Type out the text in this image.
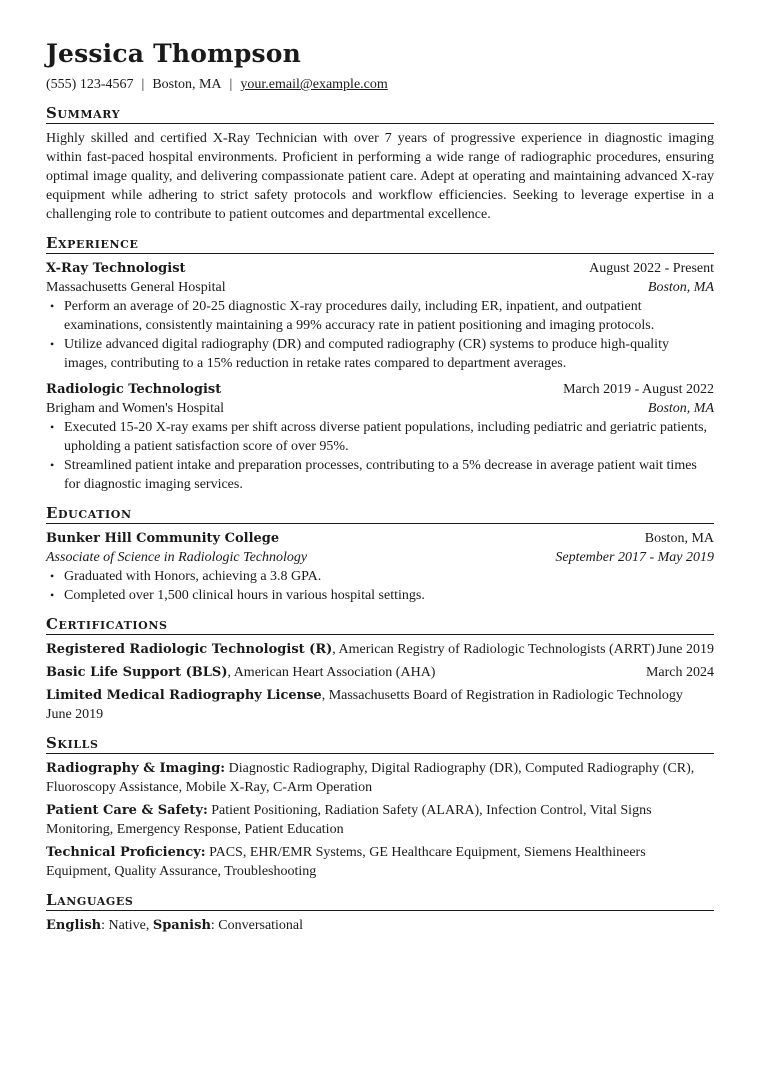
Jessica Thompson
(555) 123-4567 | Boston, MA | your.email@example.com
Summary
Highly skilled and certified X-Ray Technician with over 7 years of progressive experience in diagnostic imaging within fast-paced hospital environments. Proficient in performing a wide range of radiographic procedures, ensuring optimal image quality, and delivering compassionate patient care. Adept at operating and maintaining advanced X-ray equipment while adhering to strict safety protocols and workflow efficiencies. Seeking to leverage expertise in a challenging role to contribute to patient outcomes and departmental excellence.
Experience
X-Ray Technologist	August 2022 - Present
Massachusetts General Hospital	Boston, MA
• Perform an average of 20-25 diagnostic X-ray procedures daily, including ER, inpatient, and outpatient examinations, consistently maintaining a 99% accuracy rate in patient positioning and imaging protocols.
• Utilize advanced digital radiography (DR) and computed radiography (CR) systems to produce high-quality images, contributing to a 15% reduction in retake rates compared to department averages.
Radiologic Technologist	March 2019 - August 2022
Brigham and Women's Hospital	Boston, MA
• Executed 15-20 X-ray exams per shift across diverse patient populations, including pediatric and geriatric patients, upholding a patient satisfaction score of over 95%.
• Streamlined patient intake and preparation processes, contributing to a 5% decrease in average patient wait times for diagnostic imaging services.
Education
Bunker Hill Community College	Boston, MA
Associate of Science in Radiologic Technology	September 2017 - May 2019
• Graduated with Honors, achieving a 3.8 GPA.
• Completed over 1,500 clinical hours in various hospital settings.
Certifications
Registered Radiologic Technologist (R), American Registry of Radiologic Technologists (ARRT) June 2019
Basic Life Support (BLS), American Heart Association (AHA)	March 2024
Limited Medical Radiography License, Massachusetts Board of Registration in Radiologic Technology
June 2019
Skills
Radiography & Imaging: Diagnostic Radiography, Digital Radiography (DR), Computed Radiography (CR), Fluoroscopy Assistance, Mobile X-Ray, C-Arm Operation
Patient Care & Safety: Patient Positioning, Radiation Safety (ALARA), Infection Control, Vital Signs Monitoring, Emergency Response, Patient Education
Technical Proficiency: PACS, EHR/EMR Systems, GE Healthcare Equipment, Siemens Healthineers Equipment, Quality Assurance, Troubleshooting
Languages
English: Native, Spanish: Conversational
